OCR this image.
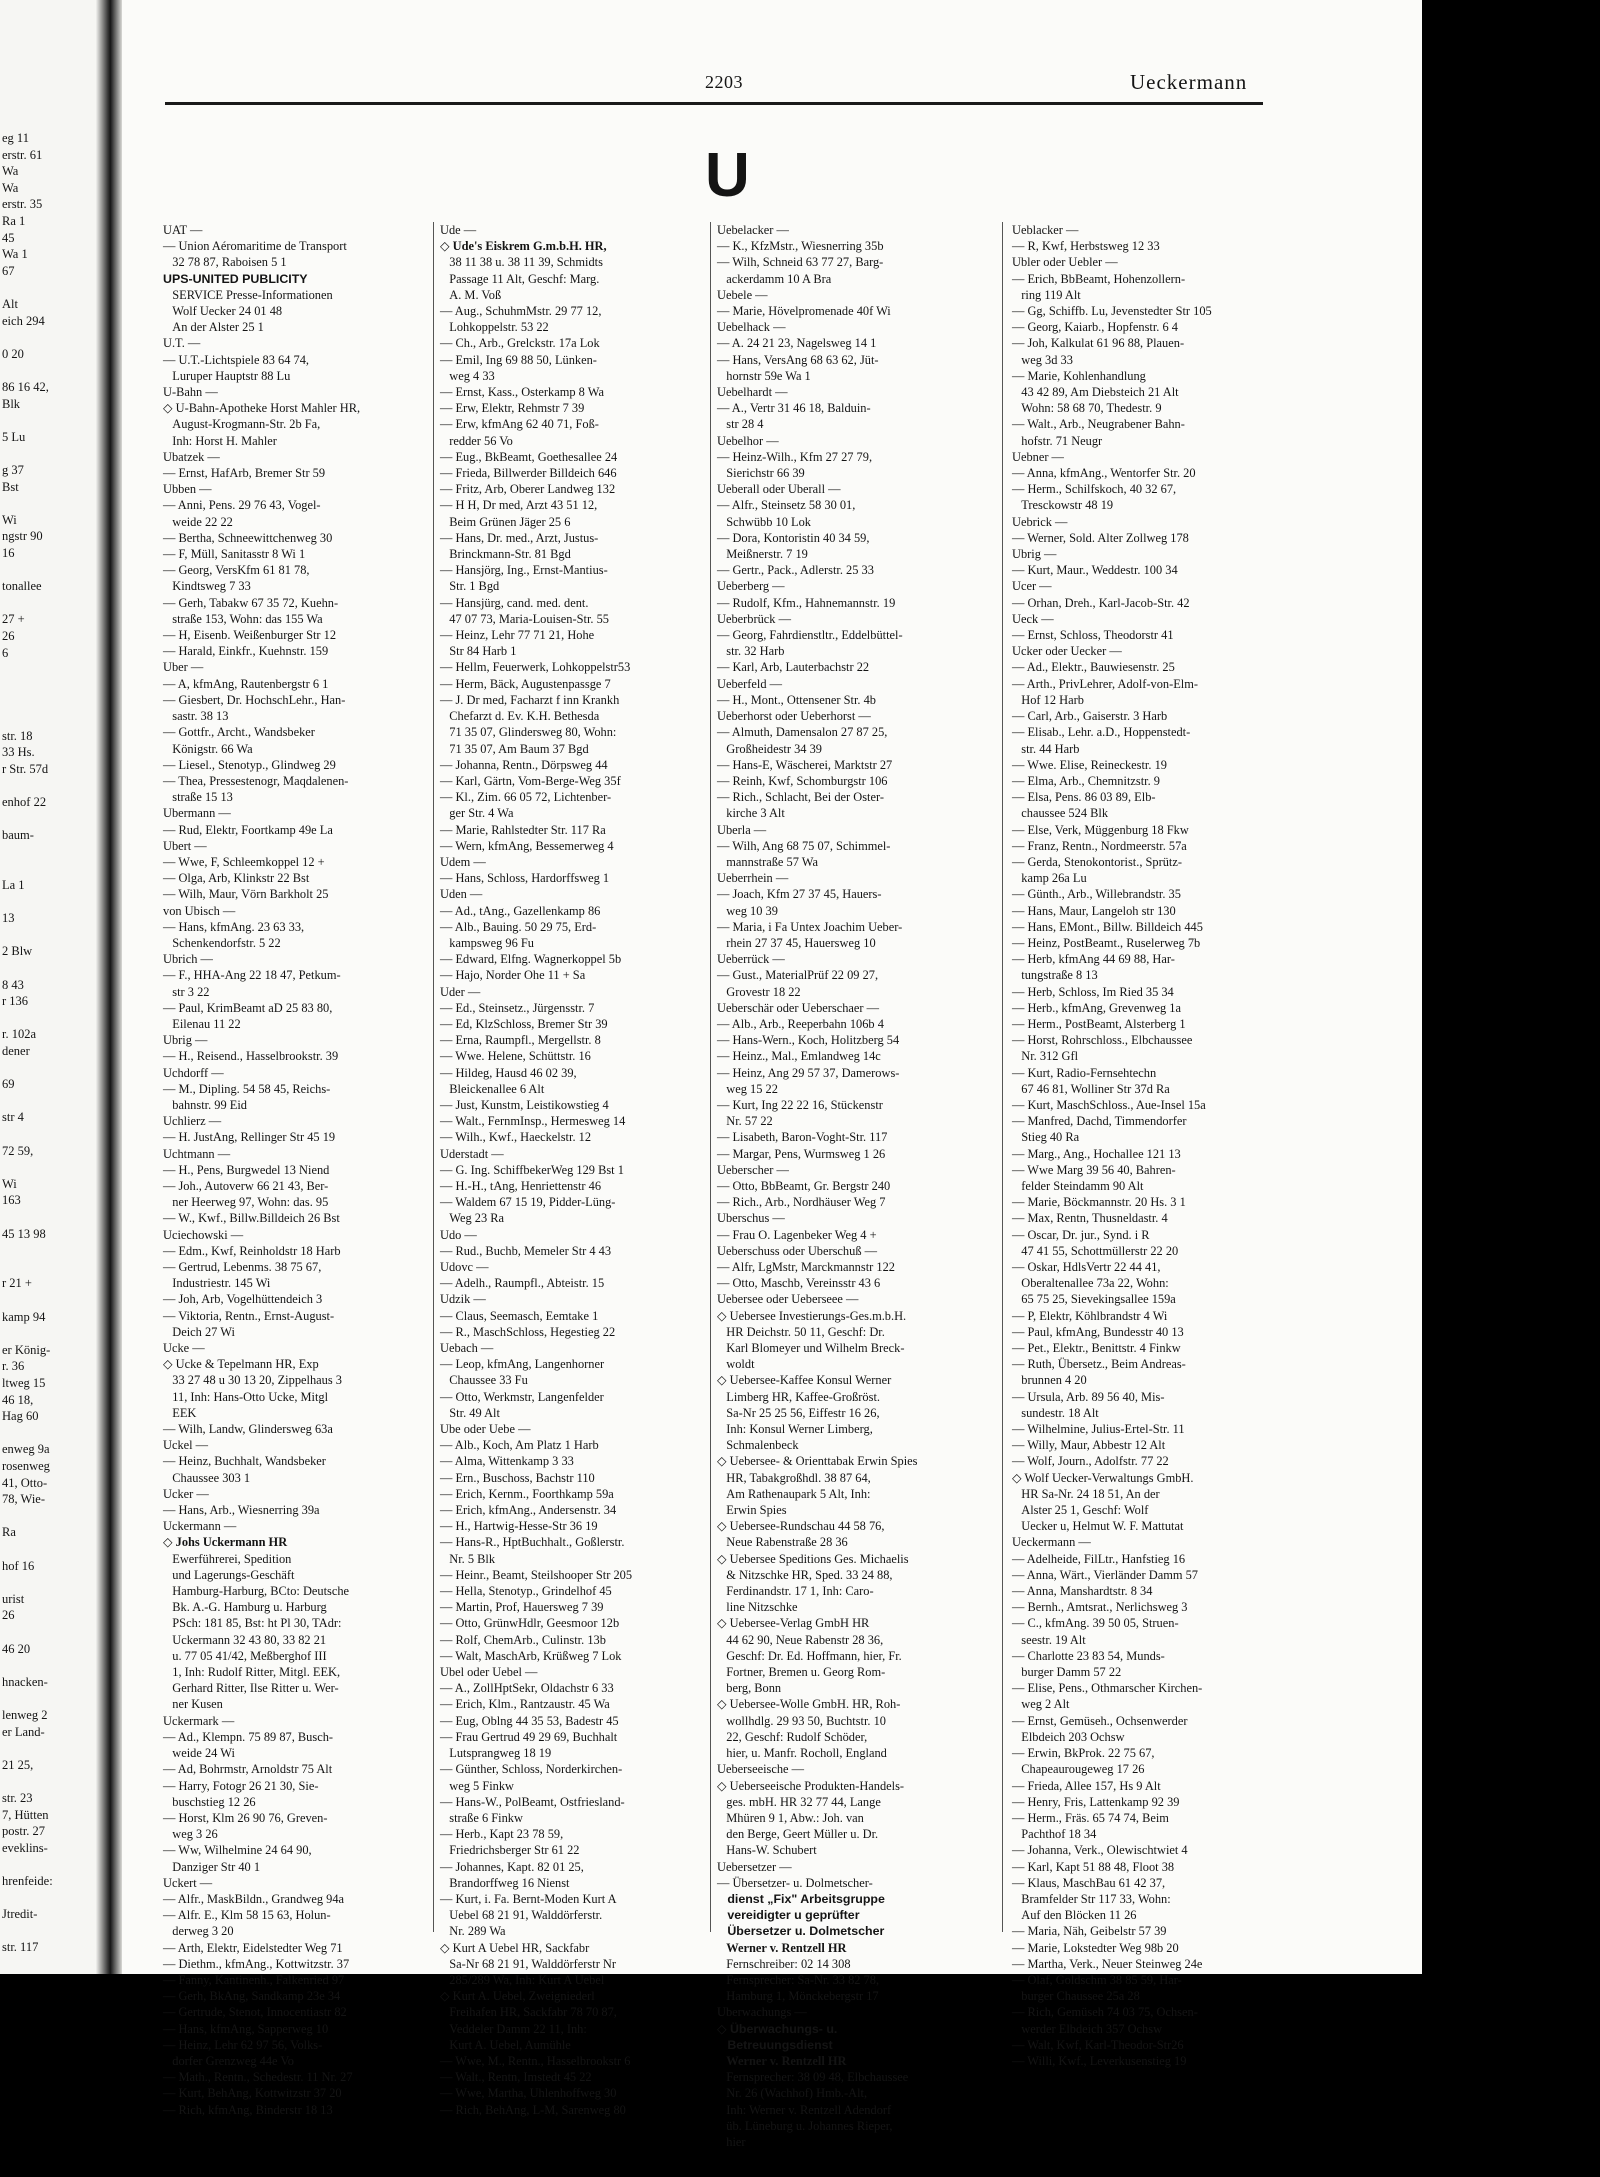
eg 11
erstr. 61
Wa
Wa
erstr. 35
Ra 1
45
Wa 1
67
Alt
eich 294
0 20
86 16 42,
Blk
5 Lu
g 37
Bst
Wi
ngstr 90
16
tonallee
27 +
26
6
str. 18
33 Hs.
r Str. 57d
enhof 22
baum-
La 1
13
2 Blw
8 43
r 136
r. 102a
dener
69
str 4
72 59,
Wi
163
45 13 98
r 21 +
kamp 94
er König-
r. 36
ltweg 15
46 18,
Hag 60
enweg 9a
rosenweg
41, Otto-
78, Wie-
Ra
hof 16
urist
26
46 20
hnacken-
lenweg 2
er Land-
21 25,
str. 23
7, Hütten
postr. 27
eveklins-
hrenfeide:
Jtredit-
str. 117
2203	Ueckermann
U
UAT —
— Union Aéromaritime de Transport
32 78 87, Raboisen 5 1
UPS-UNITED PUBLICITY
SERVICE Presse-Informationen
Wolf Uecker 24 01 48
An der Alster 25 1
U.T. —
— U.T.-Lichtspiele 83 64 74,
Luruper Hauptstr 88 Lu
U-Bahn —
◇ U-Bahn-Apotheke Horst Mahler HR,
August-Krogmann-Str. 2b Fa,
Inh: Horst H. Mahler
Ubatzek —
— Ernst, HafArb, Bremer Str 59
Ubben —
— Anni, Pens. 29 76 43, Vogel-
weide 22 22
— Bertha, Schneewittchenweg 30
— F, Müll, Sanitasstr 8 Wi 1
— Georg, VersKfm 61 81 78,
Kindtsweg 7 33
— Gerh, Tabakw 67 35 72, Kuehn-
straße 153, Wohn: das 155 Wa
— H, Eisenb. Weißenburger Str 12
— Harald, Einkfr., Kuehnstr. 159
Uber —
— A, kfmAng, Rautenbergstr 6 1
— Giesbert, Dr. HochschLehr., Han-
sastr. 38 13
— Gottfr., Archt., Wandsbeker
Königstr. 66 Wa
— Liesel., Stenotyp., Glindweg 29
— Thea, Pressestenogr, Maqdalenen-
straße 15 13
Ubermann —
— Rud, Elektr, Foortkamp 49e La
Ubert —
— Wwe, F, Schleemkoppel 12 +
— Olga, Arb, Klinkstr 22 Bst
— Wilh, Maur, Vörn Barkholt 25
von Ubisch —
— Hans, kfmAng. 23 63 33,
Schenkendorfstr. 5 22
Ubrich —
— F., HHA-Ang 22 18 47, Petkum-
str 3 22
— Paul, KrimBeamt aD 25 83 80,
Eilenau 11 22
Ubrig —
— H., Reisend., Hasselbrookstr. 39
Uchdorff —
— M., Dipling. 54 58 45, Reichs-
bahnstr. 99 Eid
Uchlierz —
— H. JustAng, Rellinger Str 45 19
Uchtmann —
— H., Pens, Burgwedel 13 Niend
— Joh., Autoverw 66 21 43, Ber-
ner Heerweg 97, Wohn: das. 95
— W., Kwf., Billw.Billdeich 26 Bst
Uciechowski —
— Edm., Kwf, Reinholdstr 18 Harb
— Gertrud, Lebenms. 38 75 67,
Industriestr. 145 Wi
— Joh, Arb, Vogelhüttendeich 3
— Viktoria, Rentn., Ernst-August-
Deich 27 Wi
Ucke —
◇ Ucke & Tepelmann HR, Exp
33 27 48 u 30 13 20, Zippelhaus 3
11, Inh: Hans-Otto Ucke, Mitgl
EEK
— Wilh, Landw, Glindersweg 63a
Uckel —
— Heinz, Buchhalt, Wandsbeker
Chaussee 303 1
Ucker —
— Hans, Arb., Wiesnerring 39a
Uckermann —
◇ Johs Uckermann HR
Ewerführerei, Spedition
und Lagerungs-Geschäft
Hamburg-Harburg, BCto: Deutsche
Bk. A.-G. Hamburg u. Harburg
PSch: 181 85, Bst: ht Pl 30, TAdr:
Uckermann 32 43 80, 33 82 21
u. 77 05 41/42, Meßberghof III
1, Inh: Rudolf Ritter, Mitgl. EEK,
Gerhard Ritter, Ilse Ritter u. Wer-
ner Kusen
Uckermark —
— Ad., Klempn. 75 89 87, Busch-
weide 24 Wi
— Ad, Bohrmstr, Arnoldstr 75 Alt
— Harry, Fotogr 26 21 30, Sie-
buschstieg 12 26
— Horst, Klm 26 90 76, Greven-
weg 3 26
— Ww, Wilhelmine 24 64 90,
Danziger Str 40 1
Uckert —
— Alfr., MaskBildn., Grandweg 94a
— Alfr. E., Klm 58 15 63, Holun-
derweg 3 20
— Arth, Elektr, Eidelstedter Weg 71
— Diethm., kfmAng., Kottwitzstr. 37
— Fanny, Kantinenh., Falkenried 97
— Gerh, BkAng, Sandkamp 23e 34
— Gertrude, Stenot, Innocentiastr 82
— Hans, kfmAng, Sapperweg 10
— Heinz, Lehr 62 97 56, Volks-
dorfer Grenzweg 44e Vo
— Math., Rentn., Schedestr. 11 Nr. 27
— Kurt, BehAng, Kottwitzstr 37 20
— Rich, kfmAng, Binderstr 18 13
Ude —
◇ Ude's Eiskrem G.m.b.H. HR,
38 11 38 u. 38 11 39, Schmidts
Passage 11 Alt, Geschf: Marg.
A. M. Voß
— Aug., SchuhmMstr. 29 77 12,
Lohkoppelstr. 53 22
— Ch., Arb., Grelckstr. 17a Lok
— Emil, Ing 69 88 50, Lünken-
weg 4 33
— Ernst, Kass., Osterkamp 8 Wa
— Erw, Elektr, Rehmstr 7 39
— Erw, kfmAng 62 40 71, Foß-
redder 56 Vo
— Eug., BkBeamt, Goethesallee 24
— Frieda, Billwerder Billdeich 646
— Fritz, Arb, Oberer Landweg 132
— H H, Dr med, Arzt 43 51 12,
Beim Grünen Jäger 25 6
— Hans, Dr. med., Arzt, Justus-
Brinckmann-Str. 81 Bgd
— Hansjörg, Ing., Ernst-Mantius-
Str. 1 Bgd
— Hansjürg, cand. med. dent.
47 07 73, Maria-Louisen-Str. 55
— Heinz, Lehr 77 71 21, Hohe
Str 84 Harb 1
— Hellm, Feuerwerk, Lohkoppelstr53
— Herm, Bäck, Augustenpassge 7
— J. Dr med, Facharzt f inn Krankh
Chefarzt d. Ev. K.H. Bethesda
71 35 07, Glindersweg 80, Wohn:
71 35 07, Am Baum 37 Bgd
— Johanna, Rentn., Dörpsweg 44
— Karl, Gärtn, Vom-Berge-Weg 35f
— Kl., Zim. 66 05 72, Lichtenber-
ger Str. 4 Wa
— Marie, Rahlstedter Str. 117 Ra
— Wern, kfmAng, Bessemerweg 4
Udem —
— Hans, Schloss, Hardorffsweg 1
Uden —
— Ad., tAng., Gazellenkamp 86
— Alb., Bauing. 50 29 75, Erd-
kampsweg 96 Fu
— Edward, Elfng. Wagnerkoppel 5b
— Hajo, Norder Ohe 11 + Sa
Uder —
— Ed., Steinsetz., Jürgensstr. 7
— Ed, KlzSchloss, Bremer Str 39
— Erna, Raumpfl., Mergellstr. 8
— Wwe. Helene, Schüttstr. 16
— Hildeg, Hausd 46 02 39,
Bleickenallee 6 Alt
— Just, Kunstm, Leistikowstieg 4
— Walt., FernmInsp., Hermesweg 14
— Wilh., Kwf., Haeckelstr. 12
Uderstadt —
— G. Ing. SchiffbekerWeg 129 Bst 1
— H.-H., tAng, Henriettenstr 46
— Waldem 67 15 19, Pidder-Lüng-
Weg 23 Ra
Udo —
— Rud., Buchb, Memeler Str 4 43
Udovc —
— Adelh., Raumpfl., Abteistr. 15
Udzik —
— Claus, Seemasch, Eemtake 1
— R., MaschSchloss, Hegestieg 22
Uebach —
— Leop, kfmAng, Langenhorner
Chaussee 33 Fu
— Otto, Werkmstr, Langenfelder
Str. 49 Alt
Ube oder Uebe —
— Alb., Koch, Am Platz 1 Harb
— Alma, Wittenkamp 3 33
— Ern., Buschoss, Bachstr 110
— Erich, Kernm., Foorthkamp 59a
— Erich, kfmAng., Andersenstr. 34
— H., Hartwig-Hesse-Str 36 19
— Hans-R., HptBuchhalt., Goßlerstr.
Nr. 5 Blk
— Heinr., Beamt, Steilshooper Str 205
— Hella, Stenotyp., Grindelhof 45
— Martin, Prof, Hauersweg 7 39
— Otto, GrünwHdlr, Geesmoor 12b
— Rolf, ChemArb., Culinstr. 13b
— Walt, MaschArb, Krüßweg 7 Lok
Ubel oder Uebel —
— A., ZollHptSekr, Oldachstr 6 33
— Erich, Klm., Rantzaustr. 45 Wa
— Eug, Oblng 44 35 53, Badestr 45
— Frau Gertrud 49 29 69, Buchhalt
Lutsprangweg 18 19
— Günther, Schloss, Norderkirchen-
weg 5 Finkw
— Hans-W., PolBeamt, Ostfriesland-
straße 6 Finkw
— Herb., Kapt 23 78 59,
Friedrichsberger Str 61 22
— Johannes, Kapt. 82 01 25,
Brandorffweg 16 Nienst
— Kurt, i. Fa. Bernt-Moden Kurt A
Uebel 68 21 91, Walddörferstr.
Nr. 289 Wa
◇ Kurt A Uebel HR, Sackfabr
Sa-Nr 68 21 91, Walddörferstr Nr
285/289 Wa, Inh: Kurt A Uebel
◇ Kurt A. Uebel, Zweigniederl
Freihafen HR, Sackfabr 78 70 87,
Veddeler Damm 22 11, Inh:
Kurt A. Uebel, Aumühle
— Wwe, M., Rentn., Hasselbrookstr 6
— Walt., Rentn, Imstedt 45 22
— Wwe, Martha, Uhlenhoffweg 30
— Rich, BehAng, L-M, Sarenweg 80
Uebelacker —
— K., KfzMstr., Wiesnerring 35b
— Wilh, Schneid 63 77 27, Barg-
ackerdamm 10 A Bra
Uebele —
— Marie, Hövelpromenade 40f Wi
Uebelhack —
— A. 24 21 23, Nagelsweg 14 1
— Hans, VersAng 68 63 62, Jüt-
hornstr 59e Wa 1
Uebelhardt —
— A., Vertr 31 46 18, Balduin-
str 28 4
Uebelhor —
— Heinz-Wilh., Kfm 27 27 79,
Sierichstr 66 39
Ueberall oder Uberall —
— Alfr., Steinsetz 58 30 01,
Schwübb 10 Lok
— Dora, Kontoristin 40 34 59,
Meißnerstr. 7 19
— Gertr., Pack., Adlerstr. 25 33
Ueberberg —
— Rudolf, Kfm., Hahnemannstr. 19
Ueberbrück —
— Georg, Fahrdienstltr., Eddelbüttel-
str. 32 Harb
— Karl, Arb, Lauterbachstr 22
Ueberfeld —
— H., Mont., Ottensener Str. 4b
Ueberhorst oder Ueberhorst —
— Almuth, Damensalon 27 87 25,
Großheidestr 34 39
— Hans-E, Wäscherei, Marktstr 27
— Reinh, Kwf, Schomburgstr 106
— Rich., Schlacht, Bei der Oster-
kirche 3 Alt
Uberla —
— Wilh, Ang 68 75 07, Schimmel-
mannstraße 57 Wa
Ueberrhein —
— Joach, Kfm 27 37 45, Hauers-
weg 10 39
— Maria, i Fa Untex Joachim Ueber-
rhein 27 37 45, Hauersweg 10
Ueberrück —
— Gust., MaterialPrüf 22 09 27,
Grovestr 18 22
Ueberschär oder Ueberschaer —
— Alb., Arb., Reeperbahn 106b 4
— Hans-Wern., Koch, Holitzberg 54
— Heinz., Mal., Emlandweg 14c
— Heinz, Ang 29 57 37, Damerows-
weg 15 22
— Kurt, Ing 22 22 16, Stückenstr
Nr. 57 22
— Lisabeth, Baron-Voght-Str. 117
— Margar, Pens, Wurmsweg 1 26
Ueberscher —
— Otto, BbBeamt, Gr. Bergstr 240
— Rich., Arb., Nordhäuser Weg 7
Uberschus —
— Frau O. Lagenbeker Weg 4 +
Ueberschuss oder Uberschuß —
— Alfr, LgMstr, Marckmannstr 122
— Otto, Maschb, Vereinsstr 43 6
Uebersee oder Ueberseee —
◇ Uebersee Investierungs-Ges.m.b.H.
HR Deichstr. 50 11, Geschf: Dr.
Karl Blomeyer und Wilhelm Breck-
woldt
◇ Uebersee-Kaffee Konsul Werner
Limberg HR, Kaffee-Großröst.
Sa-Nr 25 25 56, Eiffestr 16 26,
Inh: Konsul Werner Limberg,
Schmalenbeck
◇ Uebersee- & Orienttabak Erwin Spies
HR, Tabakgroßhdl. 38 87 64,
Am Rathenaupark 5 Alt, Inh:
Erwin Spies
◇ Uebersee-Rundschau 44 58 76,
Neue Rabenstraße 28 36
◇ Uebersee Speditions Ges. Michaelis
& Nitzschke HR, Sped. 33 24 88,
Ferdinandstr. 17 1, Inh: Caro-
line Nitzschke
◇ Uebersee-Verlag GmbH HR
44 62 90, Neue Rabenstr 28 36,
Geschf: Dr. Ed. Hoffmann, hier, Fr.
Fortner, Bremen u. Georg Rom-
berg, Bonn
◇ Uebersee-Wolle GmbH. HR, Roh-
wollhdlg. 29 93 50, Buchtstr. 10
22, Geschf: Rudolf Schöder,
hier, u. Manfr. Rocholl, England
Ueberseeische —
◇ Ueberseeische Produkten-Handels-
ges. mbH. HR 32 77 44, Lange
Mhüren 9 1, Abw.: Joh. van
den Berge, Geert Müller u. Dr.
Hans-W. Schubert
Uebersetzer —
— Übersetzer- u. Dolmetscher-
dienst „Fix" Arbeitsgruppe
vereidigter u geprüfter
Übersetzer u. Dolmetscher
Werner v. Rentzell HR
Fernschreiber: 02 14 308
Fernsprecher: Sa-Nr. 33 82 78,
Hamburg 1, Mönckebergstr 17
Uberwachungs —
◇ Überwachungs- u.
Betreuungsdienst
Werner v. Rentzell HR
Fernsprecher: 38 09 48, Elbchaussee
Nr. 26 (Wachhof) Hmb.-Alt,
Inh: Werner v. Rentzell Adendorf
üb. Lüneburg u. Johannes Rieper,
hier
Ueblacker —
— R, Kwf, Herbstsweg 12 33
Ubler oder Uebler —
— Erich, BbBeamt, Hohenzollern-
ring 119 Alt
— Gg, Schiffb. Lu, Jevenstedter Str 105
— Georg, Kaiarb., Hopfenstr. 6 4
— Joh, Kalkulat 61 96 88, Plauen-
weg 3d 33
— Marie, Kohlenhandlung
43 42 89, Am Diebsteich 21 Alt
Wohn: 58 68 70, Thedestr. 9
— Walt., Arb., Neugrabener Bahn-
hofstr. 71 Neugr
Uebner —
— Anna, kfmAng., Wentorfer Str. 20
— Herm., Schilfskoch, 40 32 67,
Tresckowstr 48 19
Uebrick —
— Werner, Sold. Alter Zollweg 178
Ubrig —
— Kurt, Maur., Weddestr. 100 34
Ucer —
— Orhan, Dreh., Karl-Jacob-Str. 42
Ueck —
— Ernst, Schloss, Theodorstr 41
Ucker oder Uecker —
— Ad., Elektr., Bauwiesenstr. 25
— Arth., PrivLehrer, Adolf-von-Elm-
Hof 12 Harb
— Carl, Arb., Gaiserstr. 3 Harb
— Elisab., Lehr. a.D., Hoppenstedt-
str. 44 Harb
— Wwe. Elise, Reineckestr. 19
— Elma, Arb., Chemnitzstr. 9
— Elsa, Pens. 86 03 89, Elb-
chaussee 524 Blk
— Else, Verk, Müggenburg 18 Fkw
— Franz, Rentn., Nordmeerstr. 57a
— Gerda, Stenokontorist., Sprütz-
kamp 26a Lu
— Günth., Arb., Willebrandstr. 35
— Hans, Maur, Langeloh str 130
— Hans, EMont., Billw. Billdeich 445
— Heinz, PostBeamt., Ruselerweg 7b
— Herb, kfmAng 44 69 88, Har-
tungstraße 8 13
— Herb, Schloss, Im Ried 35 34
— Herb., kfmAng, Grevenweg 1a
— Herm., PostBeamt, Alsterberg 1
— Horst, Rohrschloss., Elbchaussee
Nr. 312 Gfl
— Kurt, Radio-Fernsehtechn
67 46 81, Wolliner Str 37d Ra
— Kurt, MaschSchloss., Aue-Insel 15a
— Manfred, Dachd, Timmendorfer
Stieg 40 Ra
— Marg., Ang., Hochallee 121 13
— Wwe Marg 39 56 40, Bahren-
felder Steindamm 90 Alt
— Marie, Böckmannstr. 20 Hs. 3 1
— Max, Rentn, Thusneldastr. 4
— Oscar, Dr. jur., Synd. i R
47 41 55, Schottmüllerstr 22 20
— Oskar, HdlsVertr 22 44 41,
Oberaltenallee 73a 22, Wohn:
65 75 25, Sievekingsallee 159a
— P, Elektr, Köhlbrandstr 4 Wi
— Paul, kfmAng, Bundesstr 40 13
— Pet., Elektr., Benittstr. 4 Finkw
— Ruth, Übersetz., Beim Andreas-
brunnen 4 20
— Ursula, Arb. 89 56 40, Mis-
sundestr. 18 Alt
— Wilhelmine, Julius-Ertel-Str. 11
— Willy, Maur, Abbestr 12 Alt
— Wolf, Journ., Adolfstr. 77 22
◇ Wolf Uecker-Verwaltungs GmbH.
HR Sa-Nr. 24 18 51, An der
Alster 25 1, Geschf: Wolf
Uecker u, Helmut W. F. Mattutat
Ueckermann —
— Adelheide, FilLtr., Hanfstieg 16
— Anna, Wärt., Vierländer Damm 57
— Anna, Manshardtstr. 8 34
— Bernh., Amtsrat., Nerlichsweg 3
— C., kfmAng. 39 50 05, Struen-
seestr. 19 Alt
— Charlotte 23 83 54, Munds-
burger Damm 57 22
— Elise, Pens., Othmarscher Kirchen-
weg 2 Alt
— Ernst, Gemüseh., Ochsenwerder
Elbdeich 203 Ochsw
— Erwin, BkProk. 22 75 67,
Chapeaurougeweg 17 26
— Frieda, Allee 157, Hs 9 Alt
— Henry, Fris, Lattenkamp 92 39
— Herm., Fräs. 65 74 74, Beim
Pachthof 18 34
— Johanna, Verk., Olewischtwiet 4
— Karl, Kapt 51 88 48, Floot 38
— Klaus, MaschBau 61 42 37,
Bramfelder Str 117 33, Wohn:
Auf den Blöcken 11 26
— Maria, Näh, Geibelstr 57 39
— Marie, Lokstedter Weg 98b 20
— Martha, Verk., Neuer Steinweg 24e
— Olaf, Goldschm 38 85 59, Har-
burger Chaussee 25a 28
— Rich, Gemüseh 74 03 75, Ochsen-
werder Elbdeich 357 Ochsw
— Walt, Kwf, Karl-Theodor-Str26
— Willi, Kwf., Leverkusenstieg 19
